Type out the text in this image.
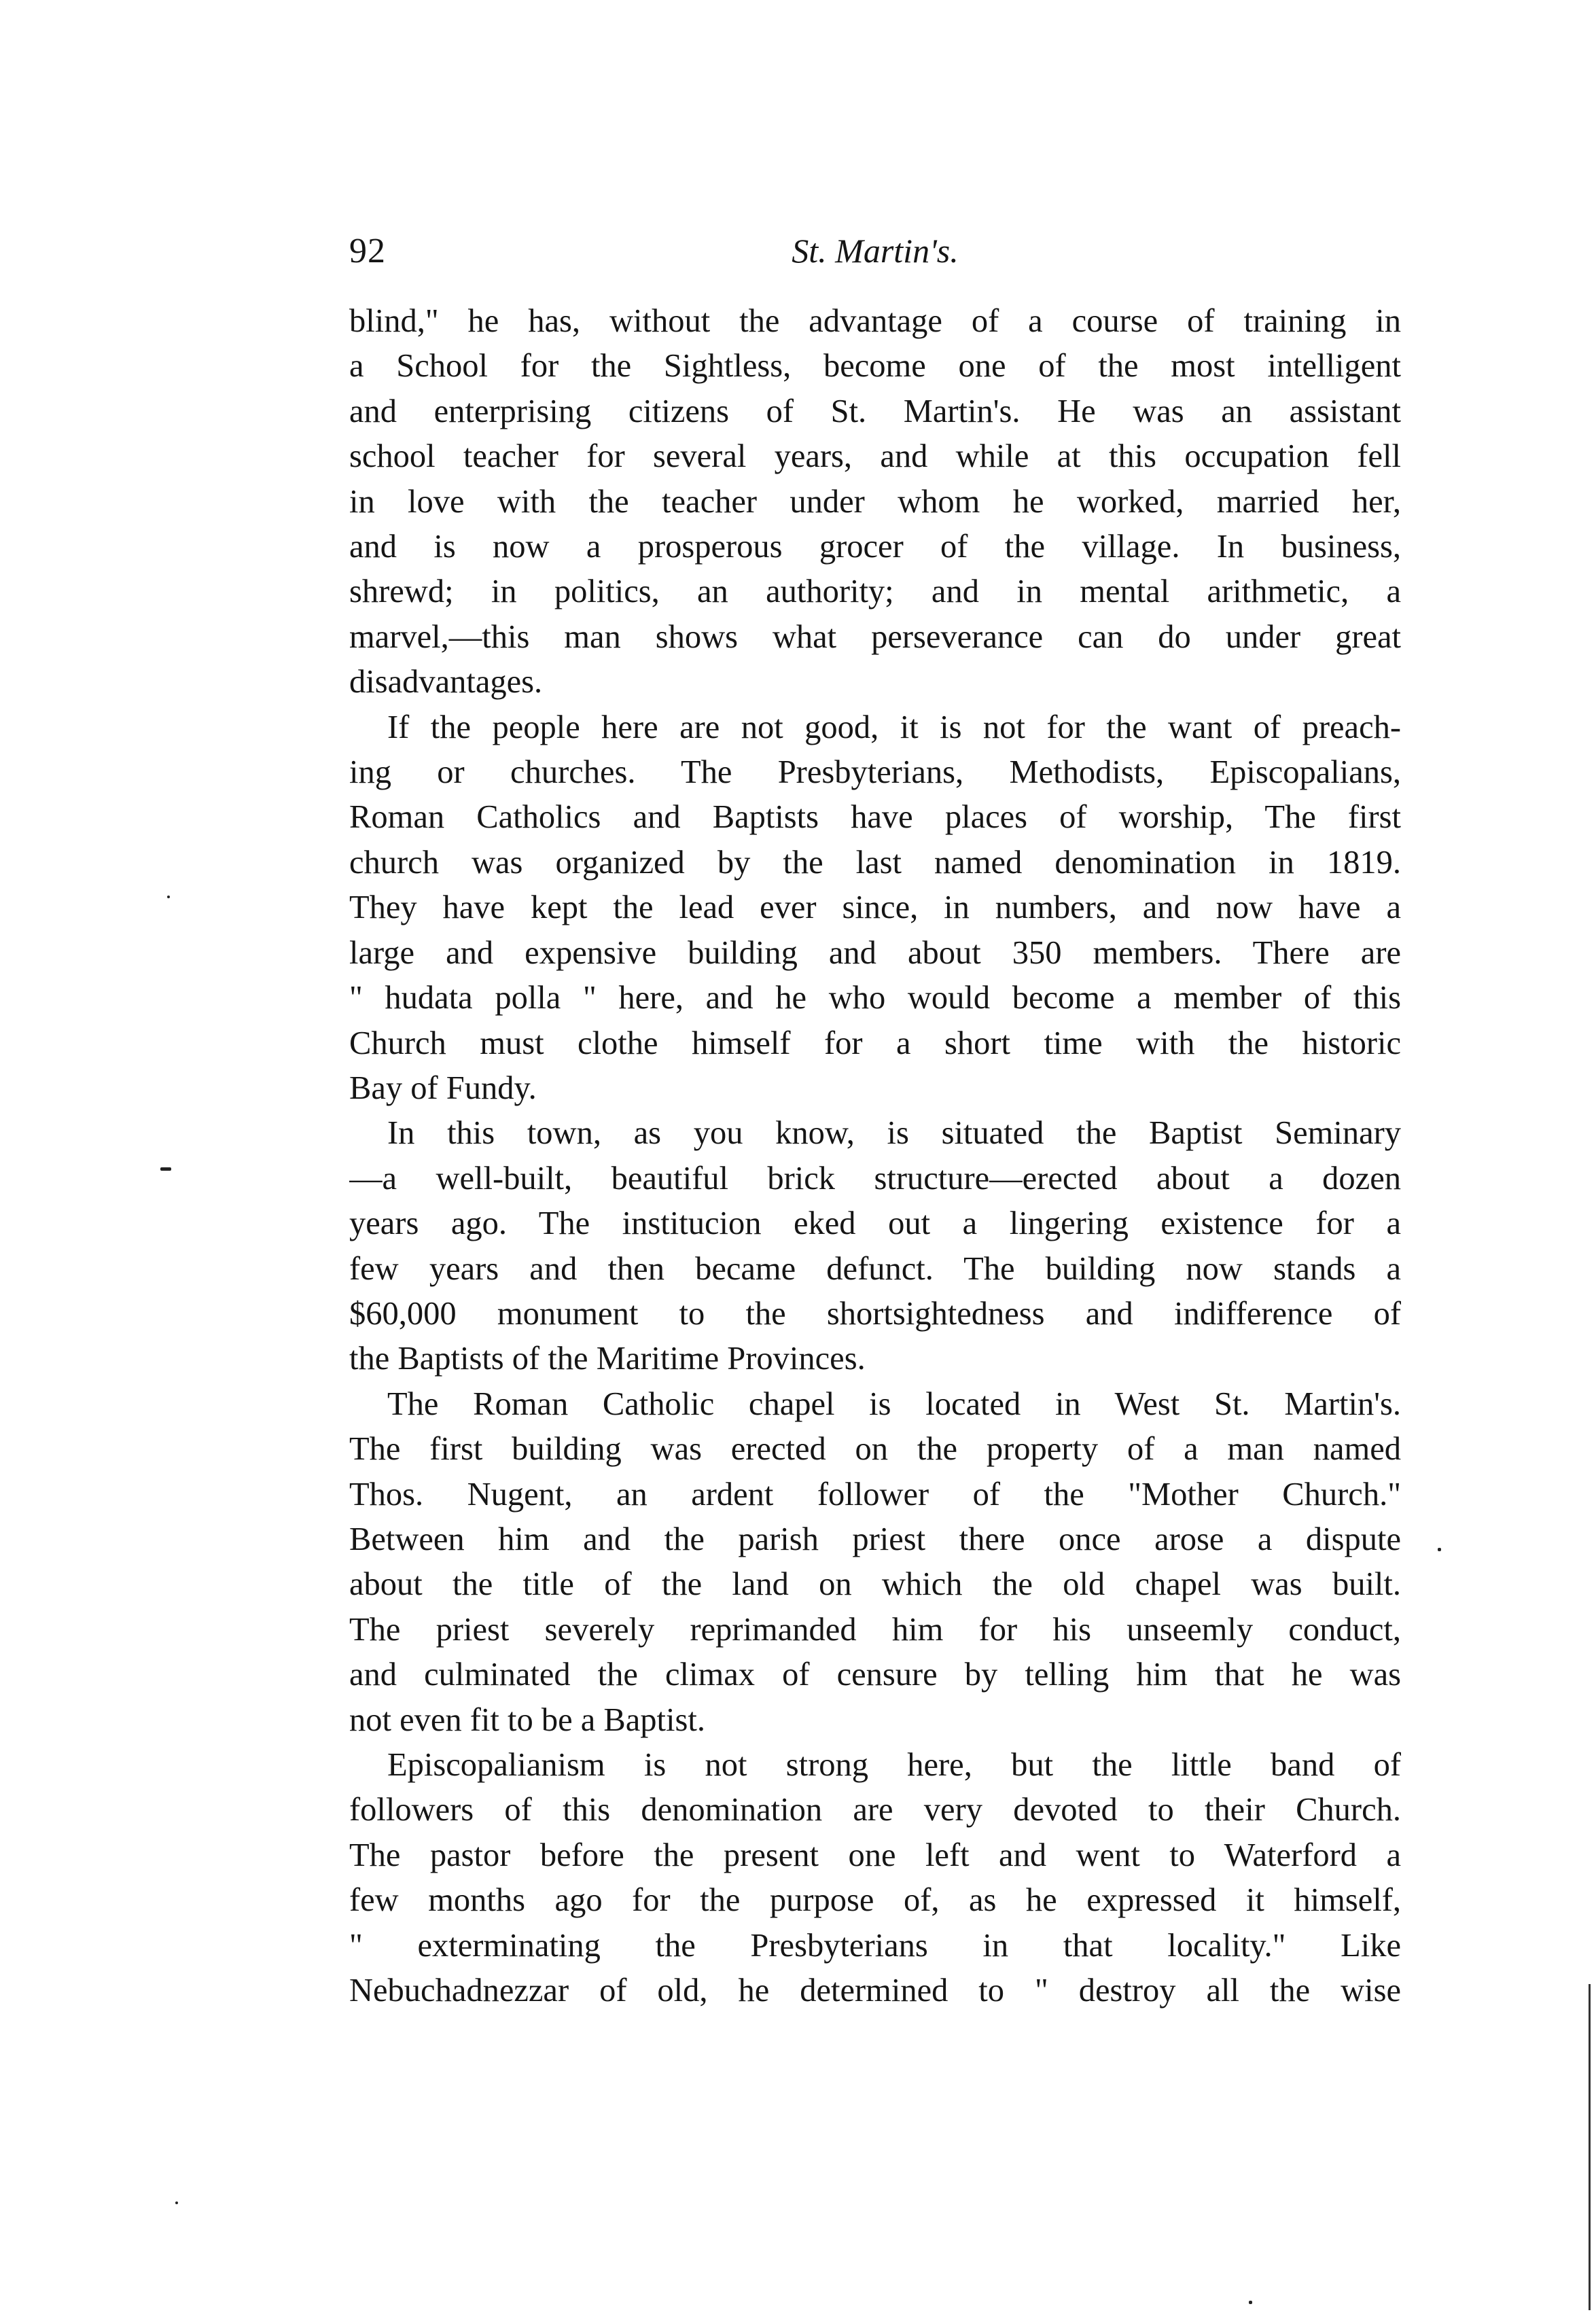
92	St. Martin's.

blind," he has, without the advantage of a course of training in
a School for the Sightless, become one of the most intelligent
and enterprising citizens of St. Martin's. He was an assistant
school teacher for several years, and while at this occupation fell
in love with the teacher under whom he worked, married her,
and is now a prosperous grocer of the village. In business,
shrewd; in politics, an authority; and in mental arithmetic, a
marvel,—this man shows what perseverance can do under great
disadvantages.

If the people here are not good, it is not for the want of preach-
ing or churches. The Presbyterians, Methodists, Episcopalians,
Roman Catholics and Baptists have places of worship, The first
church was organized by the last named denomination in 1819.
They have kept the lead ever since, in numbers, and now have a
large and expensive building and about 350 members. There are
" hudata polla " here, and he who would become a member of this
Church must clothe himself for a short time with the historic
Bay of Fundy.

In this town, as you know, is situated the Baptist Seminary
—a well-built, beautiful brick structure—erected about a dozen
years ago. The institucion eked out a lingering existence for a
few years and then became defunct. The building now stands a
$60,000 monument to the shortsightedness and indifference of
the Baptists of the Maritime Provinces.

The Roman Catholic chapel is located in West St. Martin's.
The first building was erected on the property of a man named
Thos. Nugent, an ardent follower of the "Mother Church."
Between him and the parish priest there once arose a dispute
about the title of the land on which the old chapel was built.
The priest severely reprimanded him for his unseemly conduct,
and culminated the climax of censure by telling him that he was
not even fit to be a Baptist.

Episcopalianism is not strong here, but the little band of
followers of this denomination are very devoted to their Church.
The pastor before the present one left and went to Waterford a
few months ago for the purpose of, as he expressed it himself,
" exterminating the Presbyterians in that locality." Like
Nebuchadnezzar of old, he determined to " destroy all the wise
